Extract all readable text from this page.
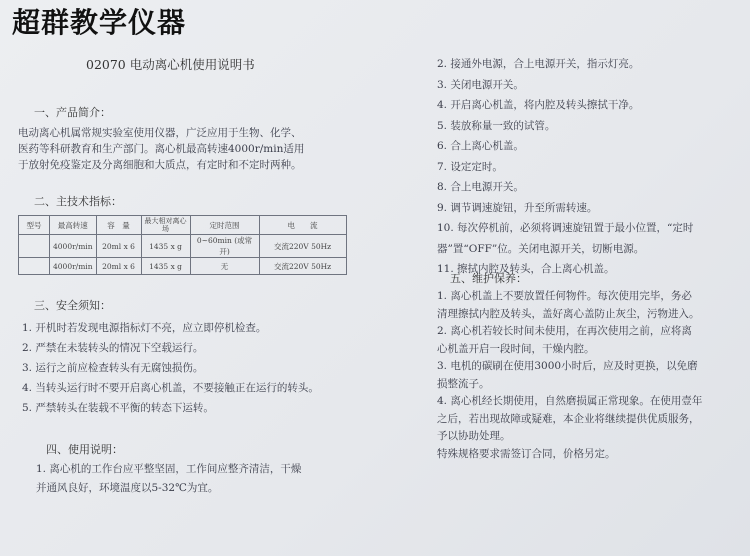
超群教学仪器
02070 电动离心机使用说明书
一、产品简介：
电动离心机属常规实验室使用仪器，广泛应用于生物、化学、
医药等科研教育和生产部门。离心机最高转速4000r/min适用
于放射免疫鉴定及分离细胞和大质点，有定时和不定时两种。
二、主技术指标：
型号	最高转速	容　量	最大相对离心场	定时范围	电　　流
	4000r/min	20ml x 6	1435 x g	0~60min (或常开)	交流220V 50Hz
	4000r/min	20ml x 6	1435 x g	无	交流220V 50Hz
三、安全须知：
1. 开机时若发现电源指标灯不亮，应立即停机检查。
2. 严禁在未装转头的情况下空载运行。
3. 运行之前应检查转头有无腐蚀损伤。
4. 当转头运行时不要开启离心机盖，不要接触正在运行的转头。
5. 严禁转头在装载不平衡的转态下运转。
四、使用说明：
1. 离心机的工作台应平整坚固，工作间应整齐清洁，干燥
并通风良好，环境温度以5-32℃为宜。
2. 接通外电源，合上电源开关，指示灯亮。
3. 关闭电源开关。
4. 开启离心机盖，将内腔及转头擦拭干净。
5. 装放称量一致的试管。
6. 合上离心机盖。
7. 设定定时。
8. 合上电源开关。
9. 调节调速旋钮，升至所需转速。
10. 每次停机前，必须将调速旋钮置于最小位置，“定时
器”置“OFF”位。关闭电源开关，切断电源。
11. 擦拭内腔及转头，合上离心机盖。
五、维护保养：
1. 离心机盖上不要放置任何物件。每次使用完毕，务必
清理擦拭内腔及转头，盖好离心盖防止灰尘，污物进入。
2. 离心机若较长时间未使用，在再次使用之前，应将离
心机盖开启一段时间，干燥内腔。
3. 电机的碳刷在使用3000小时后，应及时更换，以免磨
损整流子。
4. 离心机经长期使用，自然磨损属正常现象。在使用壹年
之后，若出现故障或疑难，本企业将继续提供优质服务，
予以协助处理。
特殊规格要求需签订合同，价格另定。
